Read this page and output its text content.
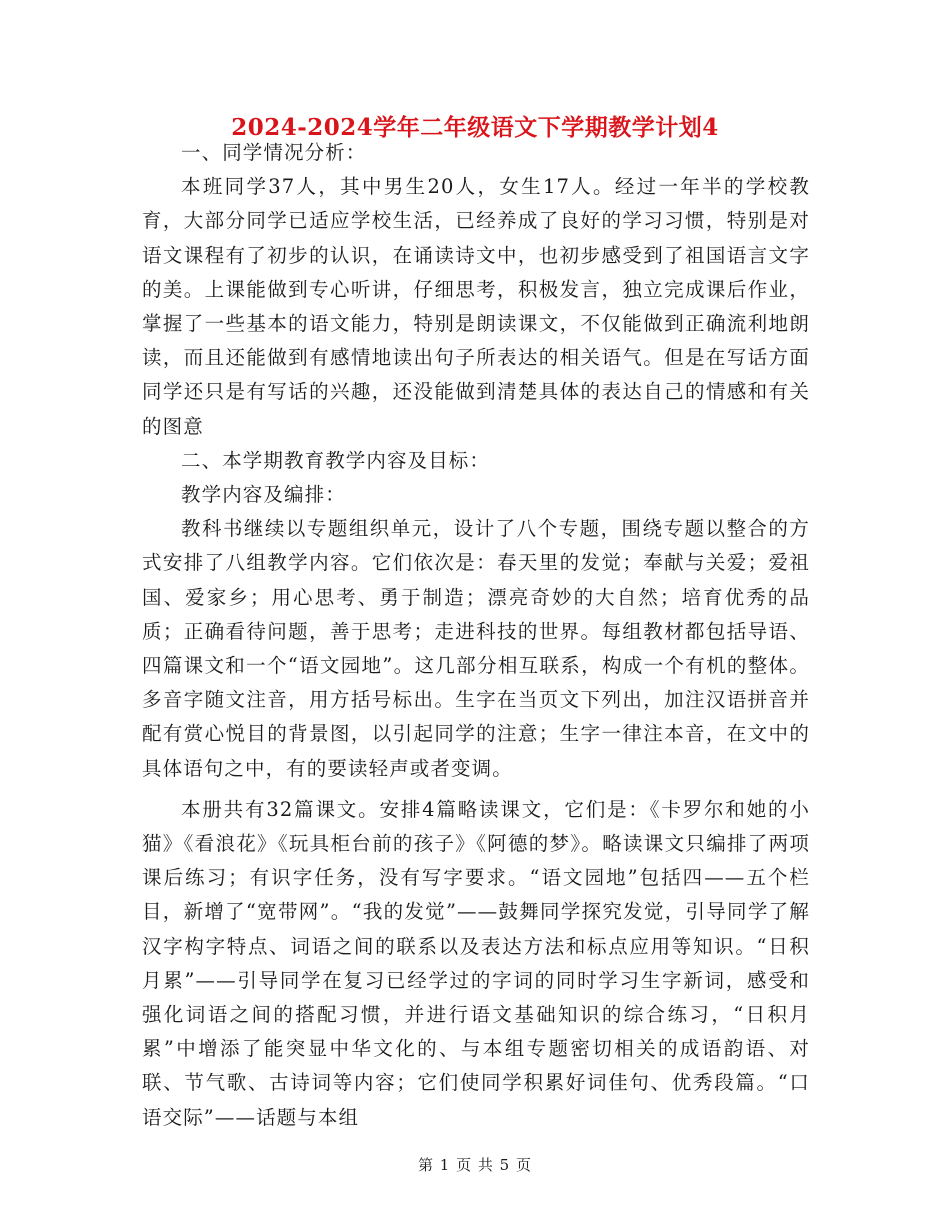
2024-2024学年二年级语文下学期教学计划4

一、同学情况分析：

本班同学37人，其中男生20人，女生17人。经过一年半的学校教育，大部分同学已适应学校生活，已经养成了良好的学习习惯，特别是对语文课程有了初步的认识，在诵读诗文中，也初步感受到了祖国语言文字的美。上课能做到专心听讲，仔细思考，积极发言，独立完成课后作业，掌握了一些基本的语文能力，特别是朗读课文，不仅能做到正确流利地朗读，而且还能做到有感情地读出句子所表达的相关语气。但是在写话方面同学还只是有写话的兴趣，还没能做到清楚具体的表达自己的情感和有关的图意

二、本学期教育教学内容及目标：

教学内容及编排：

教科书继续以专题组织单元，设计了八个专题，围绕专题以整合的方式安排了八组教学内容。它们依次是：春天里的发觉；奉献与关爱；爱祖国、爱家乡；用心思考、勇于制造；漂亮奇妙的大自然；培育优秀的品质；正确看待问题，善于思考；走进科技的世界。每组教材都包括导语、四篇课文和一个“语文园地”。这几部分相互联系，构成一个有机的整体。多音字随文注音，用方括号标出。生字在当页文下列出，加注汉语拼音并配有赏心悦目的背景图，以引起同学的注意；生字一律注本音，在文中的具体语句之中，有的要读轻声或者变调。

本册共有32篇课文。安排4篇略读课文，它们是：《卡罗尔和她的小猫》《看浪花》《玩具柜台前的孩子》《阿德的梦》。略读课文只编排了两项课后练习；有识字任务，没有写字要求。“语文园地”包括四——五个栏目，新增了“宽带网”。“我的发觉”——鼓舞同学探究发觉，引导同学了解汉字构字特点、词语之间的联系以及表达方法和标点应用等知识。“日积月累”——引导同学在复习已经学过的字词的同时学习生字新词，感受和强化词语之间的搭配习惯，并进行语文基础知识的综合练习，“日积月累”中增添了能突显中华文化的、与本组专题密切相关的成语韵语、对联、节气歌、古诗词等内容；它们使同学积累好词佳句、优秀段篇。“口语交际”——话题与本组

第 1 页 共 5 页
